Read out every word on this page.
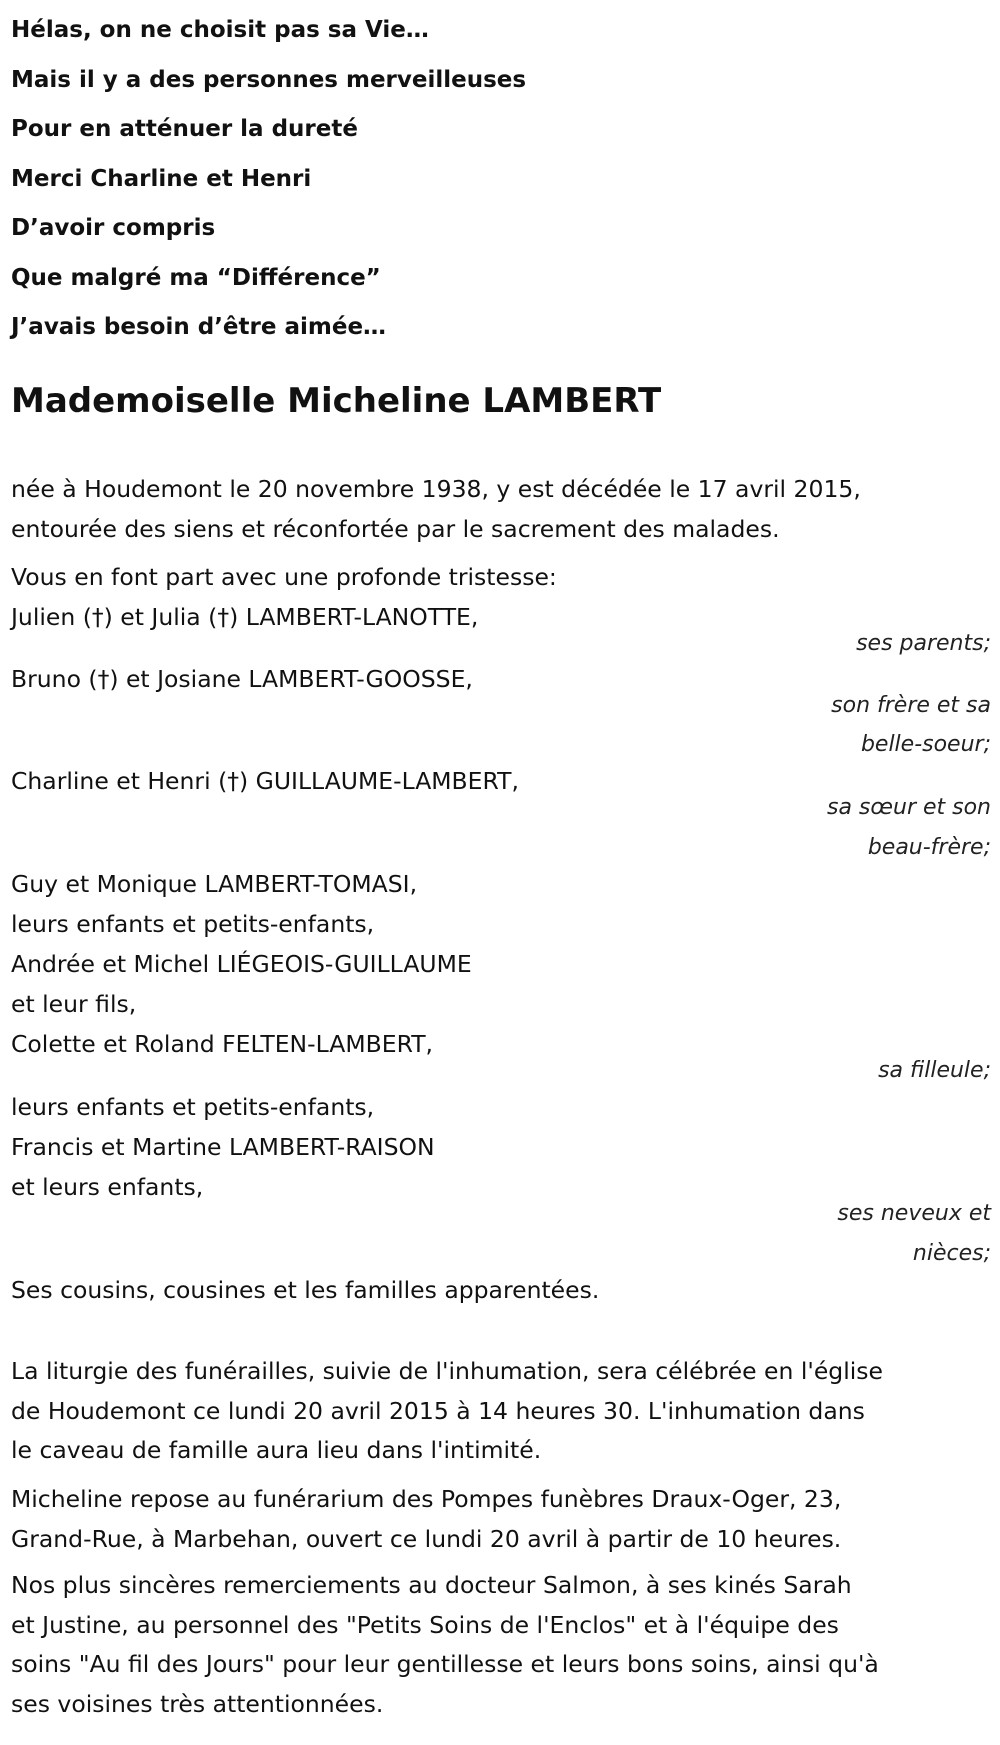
Hélas, on ne choisit pas sa Vie…
Mais il y a des personnes merveilleuses
Pour en atténuer la dureté
Merci Charline et Henri
D’avoir compris
Que malgré ma “Différence”
J’avais besoin d’être aimée…
Mademoiselle Micheline LAMBERT
née à Houdemont le 20 novembre 1938, y est décédée le 17 avril 2015,
entourée des siens et réconfortée par le sacrement des malades.
Vous en font part avec une profonde tristesse:
Julien (†) et Julia (†) LAMBERT-LANOTTE,
ses parents;
Bruno (†) et Josiane LAMBERT-GOOSSE,
son frère et sa
belle-soeur;
Charline et Henri (†) GUILLAUME-LAMBERT,
sa sœur et son
beau-frère;
Guy et Monique LAMBERT-TOMASI,
leurs enfants et petits-enfants,
Andrée et Michel LIÉGEOIS-GUILLAUME
et leur fils,
Colette et Roland FELTEN-LAMBERT,
sa filleule;
leurs enfants et petits-enfants,
Francis et Martine LAMBERT-RAISON
et leurs enfants,
ses neveux et
nièces;
Ses cousins, cousines et les familles apparentées.
La liturgie des funérailles, suivie de l'inhumation, sera célébrée en l'église
de Houdemont ce lundi 20 avril 2015 à 14 heures 30. L'inhumation dans
le caveau de famille aura lieu dans l'intimité.
Micheline repose au funérarium des Pompes funèbres Draux-Oger, 23,
Grand-Rue, à Marbehan, ouvert ce lundi 20 avril à partir de 10 heures.
Nos plus sincères remerciements au docteur Salmon, à ses kinés Sarah
et Justine, au personnel des "Petits Soins de l'Enclos" et à l'équipe des
soins "Au fil des Jours" pour leur gentillesse et leurs bons soins, ainsi qu'à
ses voisines très attentionnées.
